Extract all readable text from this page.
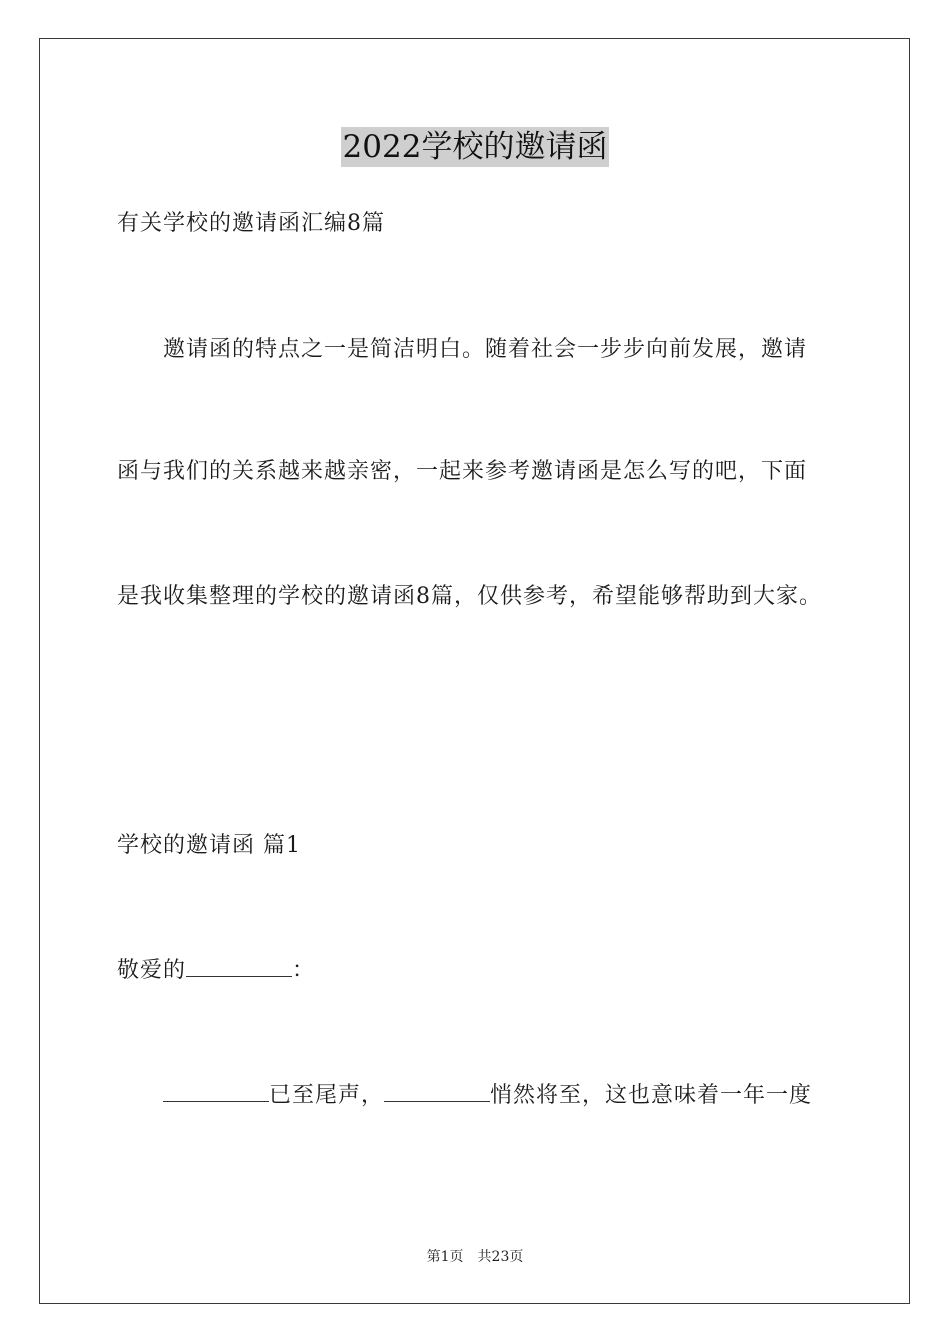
2022学校的邀请函
有关学校的邀请函汇编8篇
邀请函的特点之一是简洁明白。随着社会一步步向前发展，邀请
函与我们的关系越来越亲密，一起来参考邀请函是怎么写的吧，下面
是我收集整理的学校的邀请函8篇，仅供参考，希望能够帮助到大家。
学校的邀请函 篇1
敬爱的	：
已至尾声，	悄然将至，这也意味着一年一度
第1页 共23页
